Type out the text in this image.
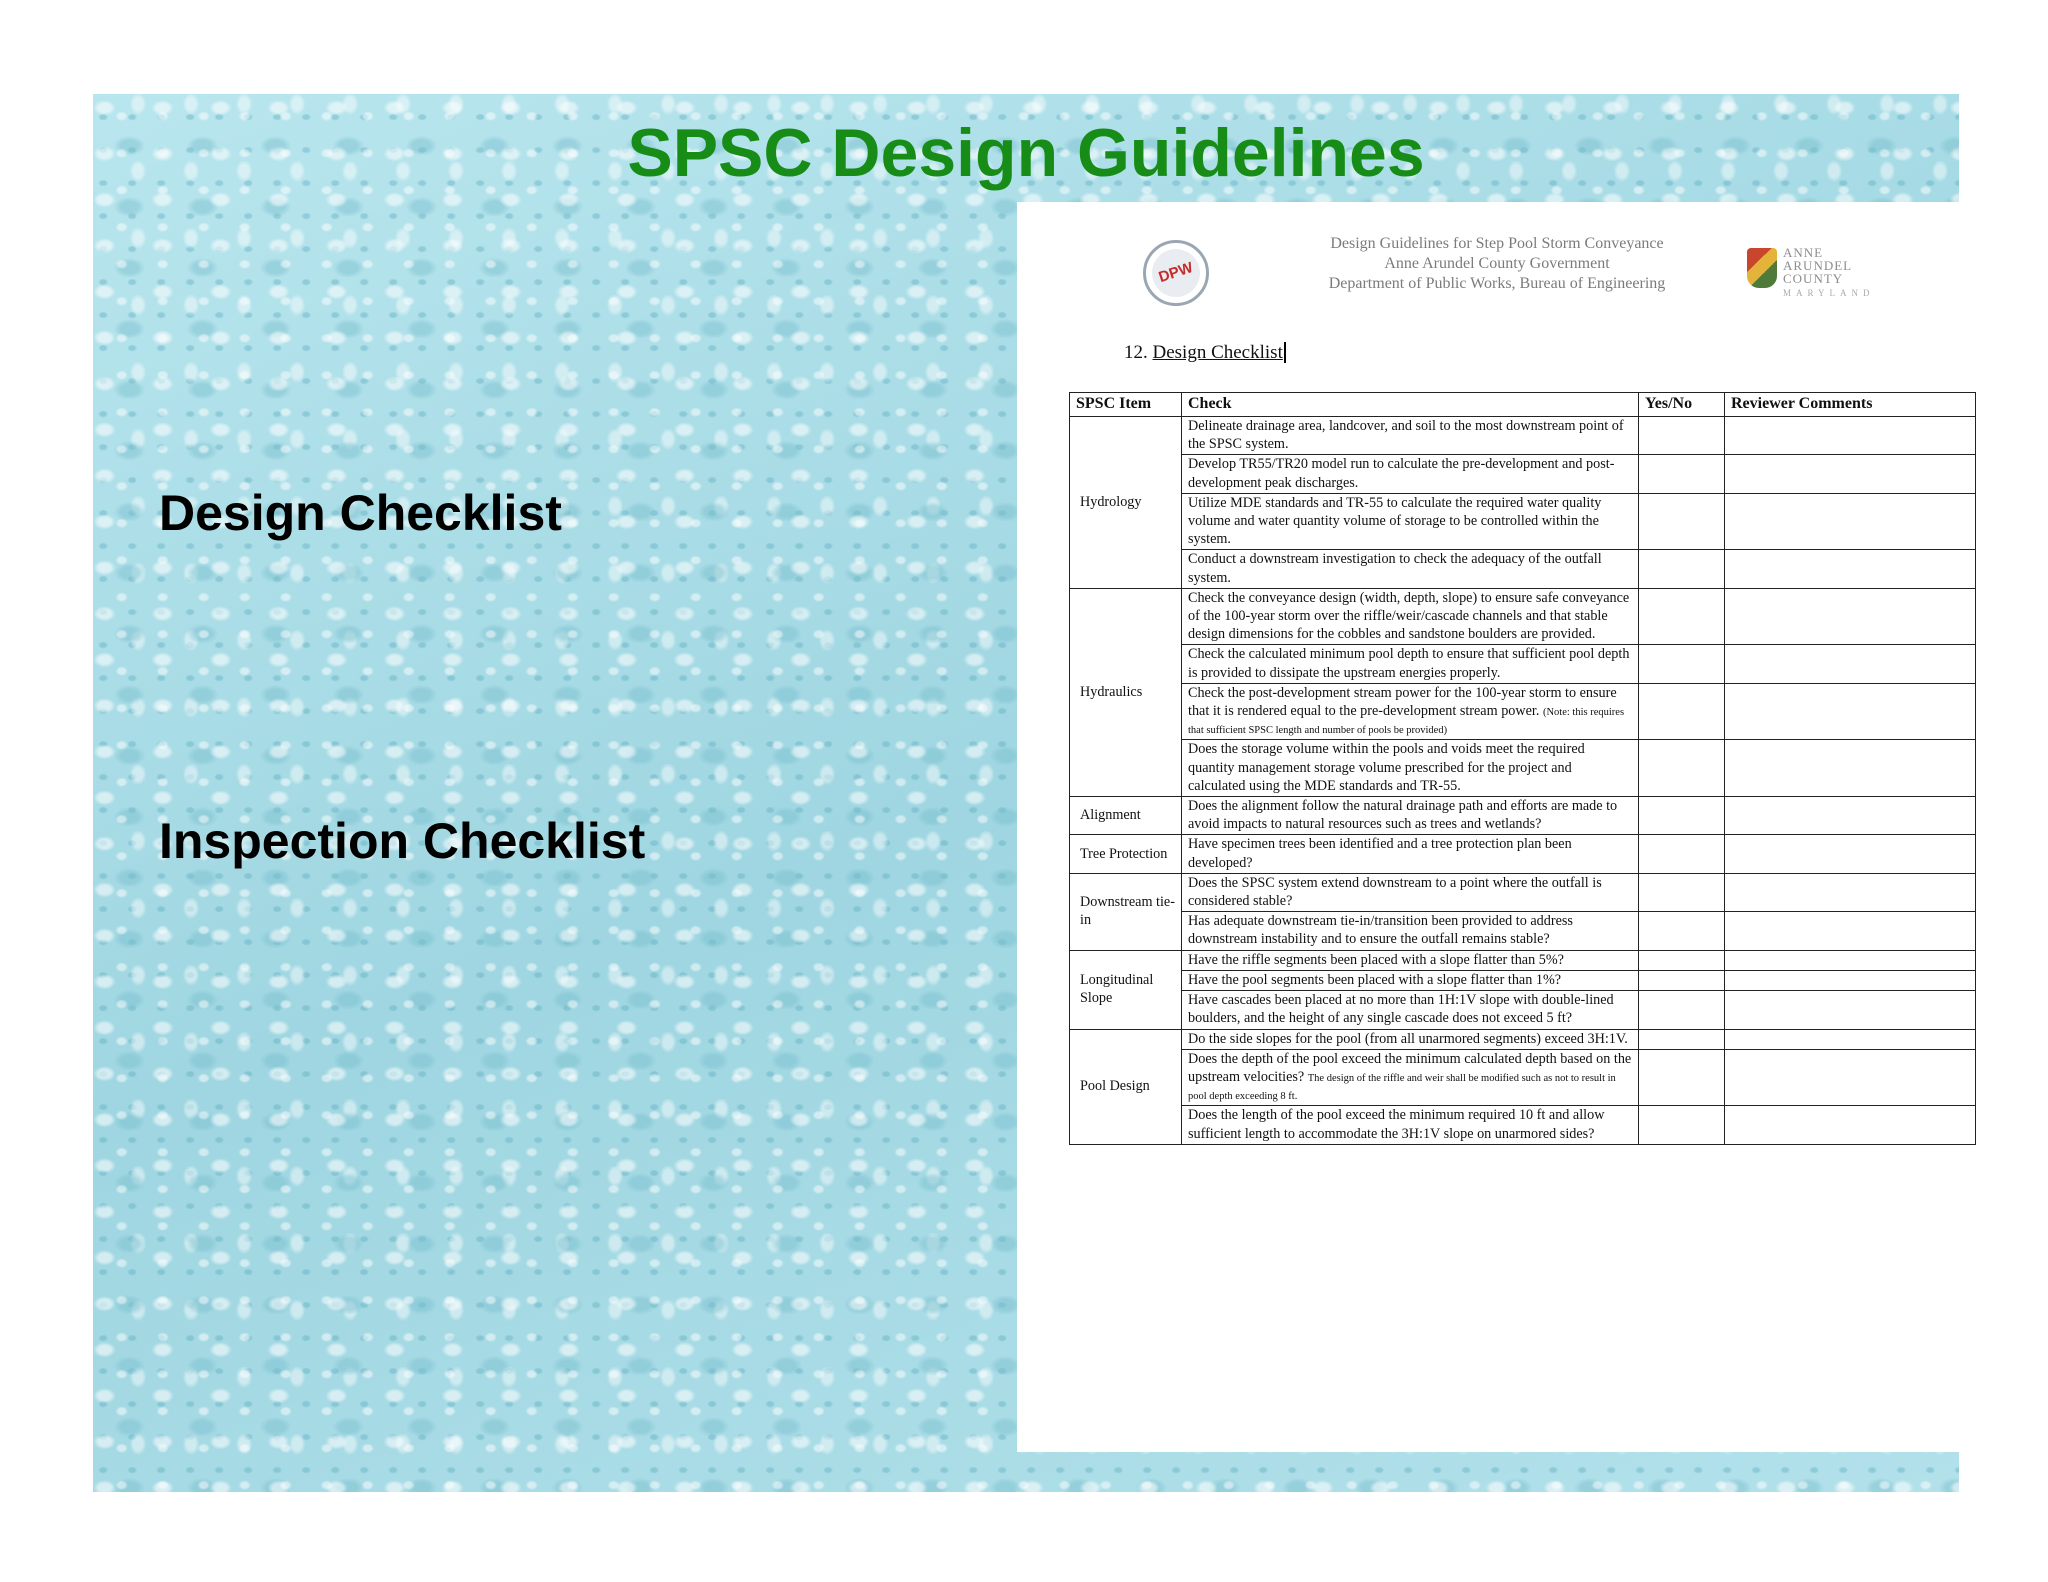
SPSC Design Guidelines
Design Checklist
Inspection Checklist
DPW
Design Guidelines for Step Pool Storm Conveyance
Anne Arundel County Government
Department of Public Works, Bureau of Engineering
ANNE
ARUNDEL
COUNTY
MARYLAND
12. Design Checklist
SPSC Item	Check	Yes/No	Reviewer Comments
Hydrology	Delineate drainage area, landcover, and soil to the most downstream point of the SPSC system.		
	Develop TR55/TR20 model run to calculate the pre-development and post-development peak discharges.		
	Utilize MDE standards and TR-55 to calculate the required water quality volume and water quantity volume of storage to be controlled within the system.		
	Conduct a downstream investigation to check the adequacy of the outfall system.		
Hydraulics	Check the conveyance design (width, depth, slope) to ensure safe conveyance of the 100-year storm over the riffle/weir/cascade channels and that stable design dimensions for the cobbles and sandstone boulders are provided.		
	Check the calculated minimum pool depth to ensure that sufficient pool depth is provided to dissipate the upstream energies properly.		
	Check the post-development stream power for the 100-year storm to ensure that it is rendered equal to the pre-development stream power. (Note: this requires that sufficient SPSC length and number of pools be provided)		
	Does the storage volume within the pools and voids meet the required quantity management storage volume prescribed for the project and calculated using the MDE standards and TR-55.		
Alignment	Does the alignment follow the natural drainage path and efforts are made to avoid impacts to natural resources such as trees and wetlands?		
Tree Protection	Have specimen trees been identified and a tree protection plan been developed?		
Downstream tie-in	Does the SPSC system extend downstream to a point where the outfall is considered stable?		
	Has adequate downstream tie-in/transition been provided to address downstream instability and to ensure the outfall remains stable?		
Longitudinal Slope	Have the riffle segments been placed with a slope flatter than 5%?		
	Have the pool segments been placed with a slope flatter than 1%?		
	Have cascades been placed at no more than 1H:1V slope with double-lined boulders, and the height of any single cascade does not exceed 5 ft?		
Pool Design	Do the side slopes for the pool (from all unarmored segments) exceed 3H:1V.		
	Does the depth of the pool exceed the minimum calculated depth based on the upstream velocities? The design of the riffle and weir shall be modified such as not to result in pool depth exceeding 8 ft.		
	Does the length of the pool exceed the minimum required 10 ft and allow sufficient length to accommodate the 3H:1V slope on unarmored sides?		
